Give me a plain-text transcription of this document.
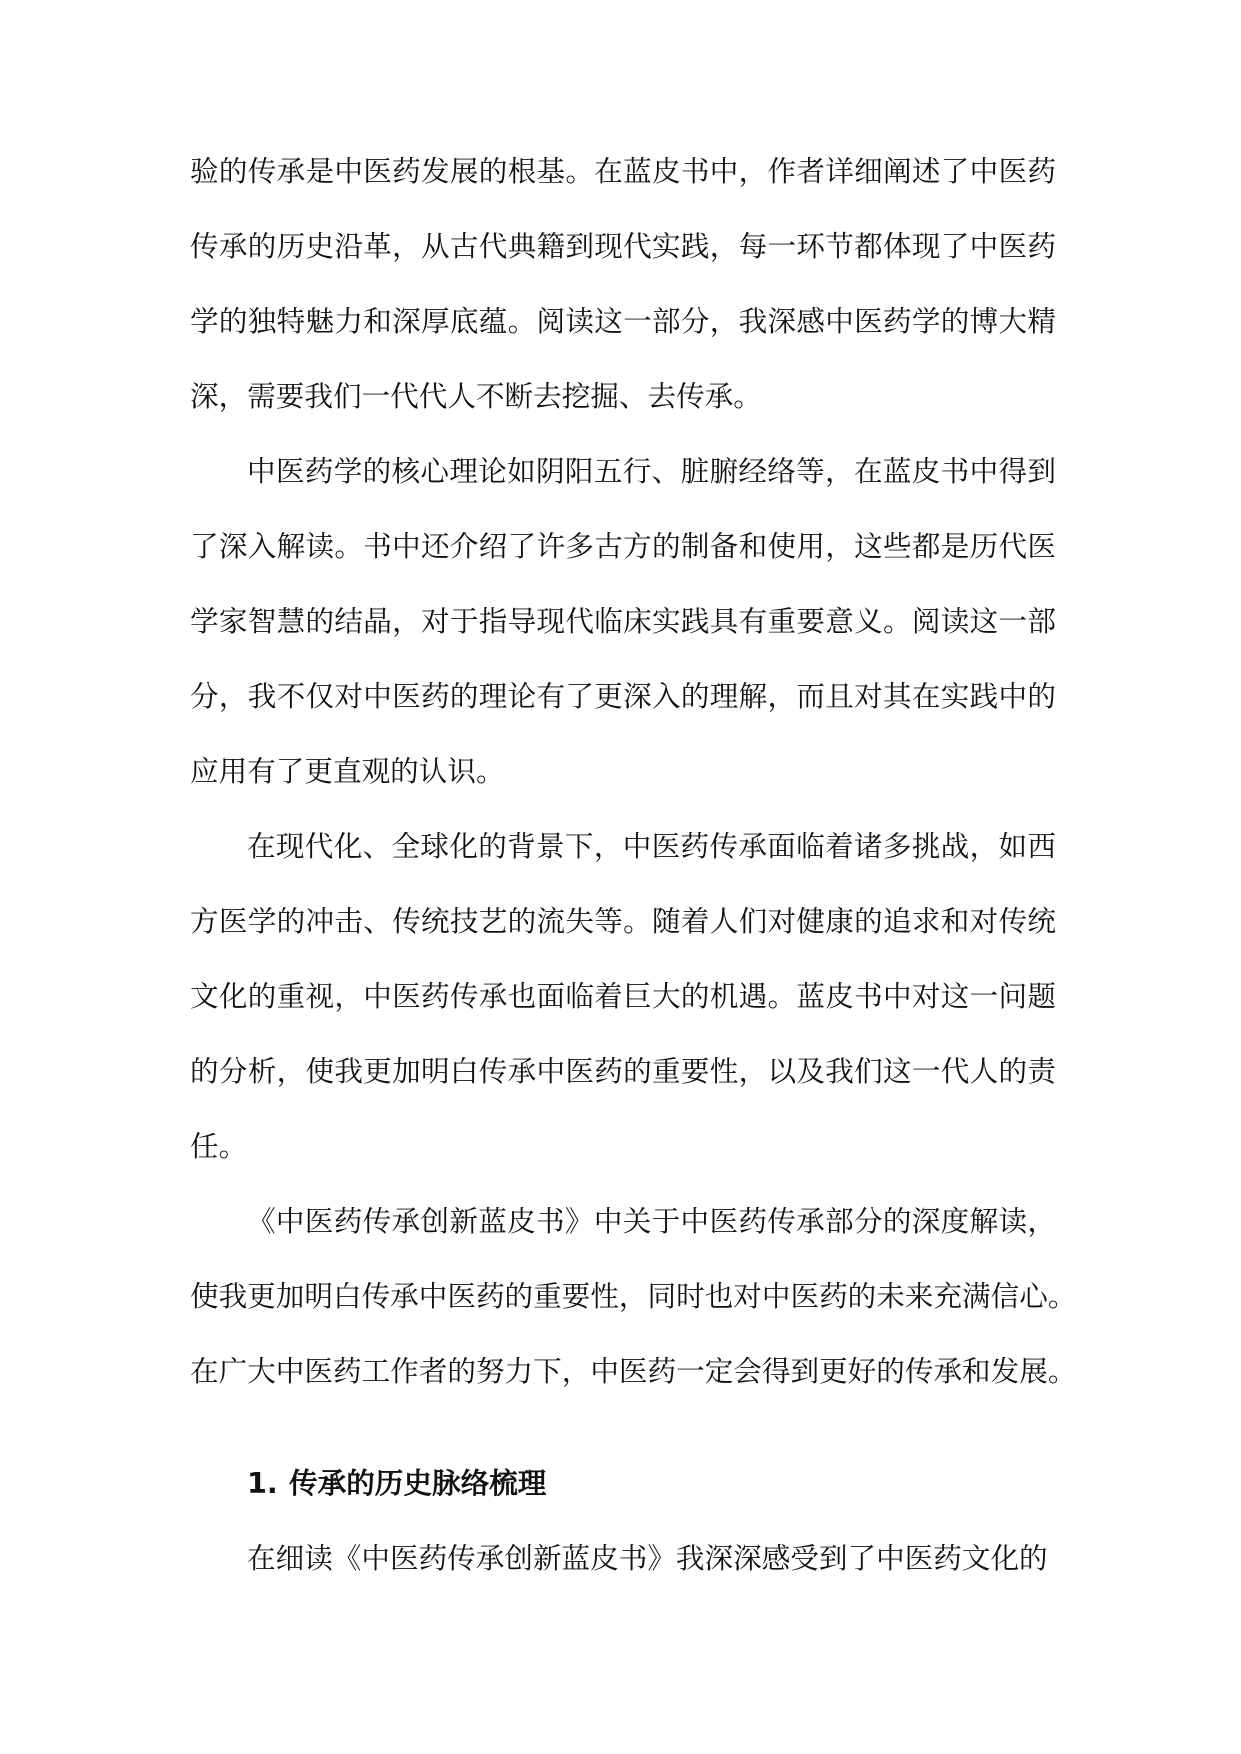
验的传承是中医药发展的根基。在蓝皮书中，作者详细阐述了中医药
传承的历史沿革，从古代典籍到现代实践，每一环节都体现了中医药
学的独特魅力和深厚底蕴。阅读这一部分，我深感中医药学的博大精
深，需要我们一代代人不断去挖掘、去传承。
中医药学的核心理论如阴阳五行、脏腑经络等，在蓝皮书中得到
了深入解读。书中还介绍了许多古方的制备和使用，这些都是历代医
学家智慧的结晶，对于指导现代临床实践具有重要意义。阅读这一部
分，我不仅对中医药的理论有了更深入的理解，而且对其在实践中的
应用有了更直观的认识。
在现代化、全球化的背景下，中医药传承面临着诸多挑战，如西
方医学的冲击、传统技艺的流失等。随着人们对健康的追求和对传统
文化的重视，中医药传承也面临着巨大的机遇。蓝皮书中对这一问题
的分析，使我更加明白传承中医药的重要性，以及我们这一代人的责
任。
《中医药传承创新蓝皮书》中关于中医药传承部分的深度解读，
使我更加明白传承中医药的重要性，同时也对中医药的未来充满信心。
在广大中医药工作者的努力下，中医药一定会得到更好的传承和发展。
1. 传承的历史脉络梳理
在细读《中医药传承创新蓝皮书》我深深感受到了中医药文化的
